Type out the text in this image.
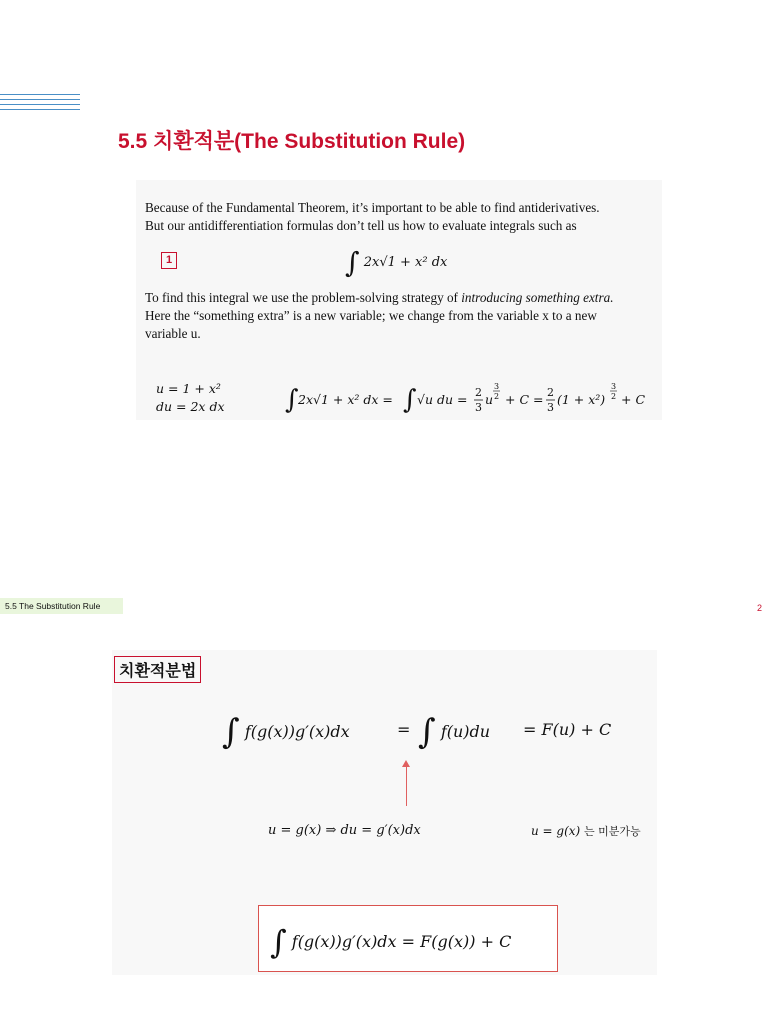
5.5 치환적분(The Substitution Rule)
Because of the Fundamental Theorem, it’s important to be able to find antiderivatives.
But our antidifferentiation formulas don’t tell us how to evaluate integrals such as
1	∫ 2x√1 + x² dx
To find this integral we use the problem-solving strategy of introducing something extra.
Here the “something extra” is a new variable; we change from the variable x to a new
variable u.
u = 1 + x²
du = 2x dx ∫ 2x√1 + x² dx = ∫ √u du = 2
3
u
3
2 + C = 2
3
(1 + x²)
3
2 + C
5.5 The Substitution Rule	2
치환적분법
∫ f(g(x))g′(x)dx	= ∫ f(u)du = F(u) + C
u = g(x) ⇒ du = g′(x)dx	u = g(x) 는 미분가능
∫ f(g(x))g′(x)dx = F(g(x)) + C
